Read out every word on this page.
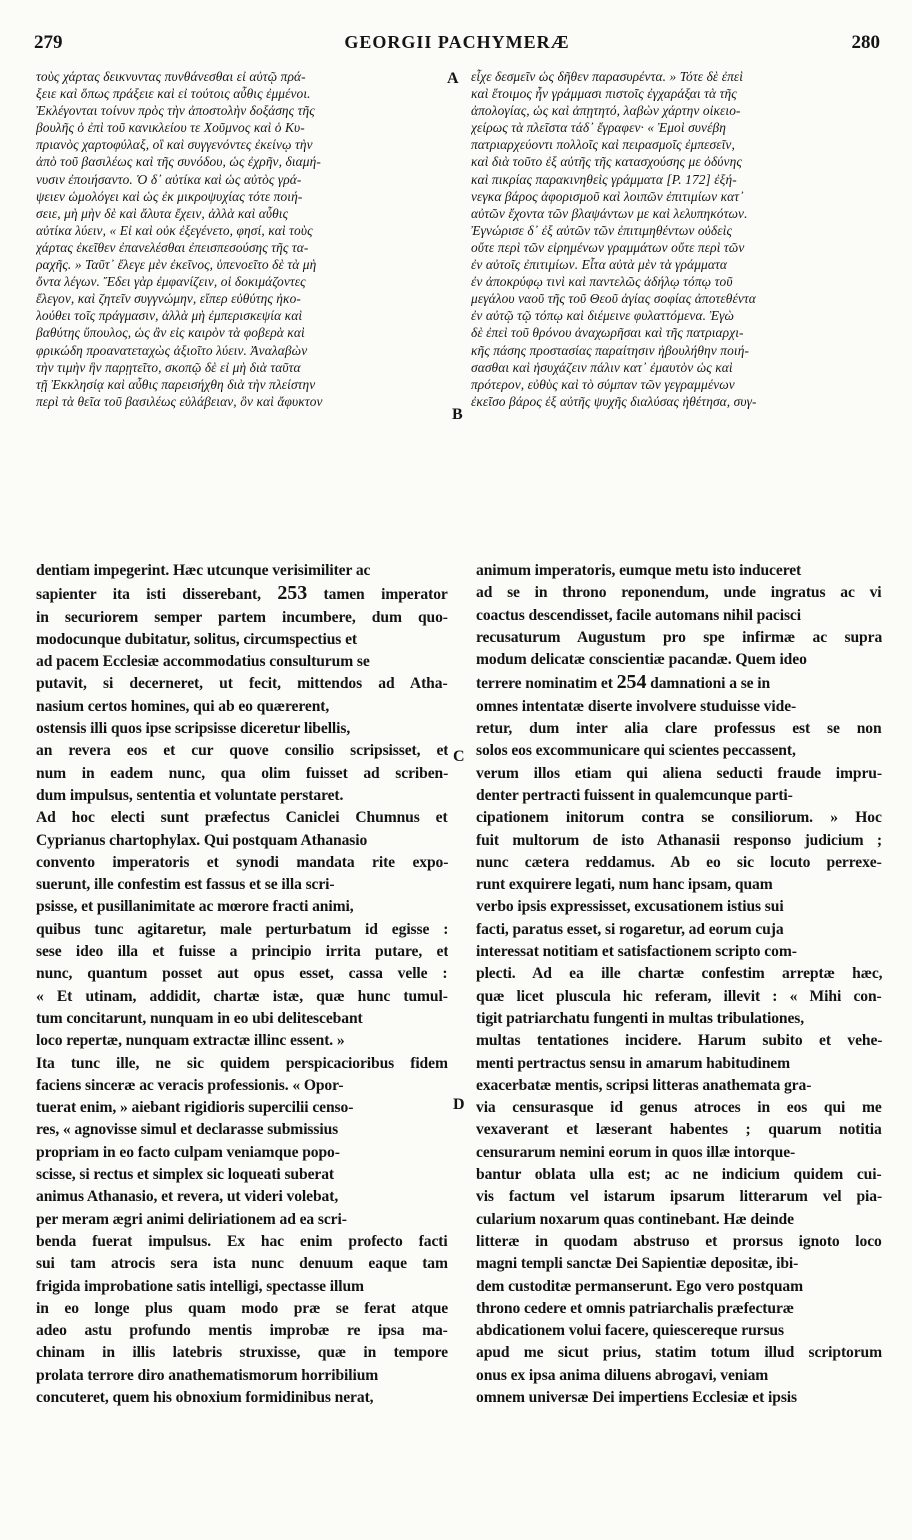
279	GEORGII PACHYMERÆ	280
τοὺς χάρτας δεικνυντας πυνθάνεσθαι εἰ αὐτῷ πρά-
ξειε καὶ ὅπως πράξειε καὶ εἰ τούτοις αὖθις ἐμμένοι.
Ἐκλέγονται τοίνυν πρὸς τὴν ἀποστολὴν δοξάσης τῆς
βουλῆς ὁ ἐπὶ τοῦ κανικλείου τε Χοῦμνος καὶ ὁ Κυ-
πριανὸς χαρτοφύλαξ, οἳ καὶ συγγενόντες ἐκείνῳ τὴν
ἀπὸ τοῦ βασιλέως καὶ τῆς συνόδου, ὡς ἐχρῆν, διαμή-
νυσιν ἐποιήσαντο. Ὁ δ᾽ αὐτίκα καὶ ὡς αὐτὸς γρά-
ψειεν ὡμολόγει καὶ ὡς ἐκ μικροψυχίας τότε ποιή-
σειε, μὴ μὴν δὲ καὶ ἄλυτα ἔχειν, ἀλλὰ καὶ αὖθις
αὐτίκα λύειν, « Εἰ καὶ οὐκ ἐξεγένετο, φησί, καὶ τοὺς
χάρτας ἐκεῖθεν ἐπανελέσθαι ἐπεισπεσούσης τῆς τα-
ραχῆς. » Ταῦτ᾽ ἔλεγε μὲν ἐκεῖνος, ὑπενοεῖτο δὲ τὰ μὴ
ὄντα λέγων. Ἔδει γὰρ ἐμφανίζειν, οἱ δοκιμάζοντες
ἔλεγον, καὶ ζητεῖν συγγνώμην, εἴπερ εὐθύτης ἠκο-
λούθει τοῖς πράγμασιν, ἀλλὰ μὴ ἐμπερισκεψία καὶ
βαθύτης ὕπουλος, ὡς ἂν εἰς καιρὸν τὰ φοβερὰ καὶ
φρικώδη προανατεταχὼς ἀξιοῖτο λύειν. Ἀναλαβὼν
τὴν τιμὴν ἣν παρῃτεῖτο, σκοπῷ δὲ εἰ μὴ διὰ ταῦτα
τῇ Ἐκκλησίᾳ καὶ αὖθις παρεισήχθη διὰ τὴν πλείστην
περὶ τὰ θεῖα τοῦ βασιλέως εὐλάβειαν, ὃν καὶ ἄφυκτον
εἶχε δεσμεῖν ὡς δῆθεν παρασυρέντα. » Τότε δὲ ἐπεὶ
καὶ ἕτοιμος ἦν γράμμασι πιστοῖς ἐγχαράξαι τὰ τῆς
ἀπολογίας, ὡς καὶ ἀπῃτητό, λαβὼν χάρτην οἰκειο-
χείρως τὰ πλεῖστα τάδ᾽ ἔγραφεν· « Ἐμοὶ συνέβη
πατριαρχεύοντι πολλοῖς καὶ πειρασμοῖς ἐμπεσεῖν,
καὶ διὰ τοῦτο ἐξ αὐτῆς τῆς κατασχούσης με ὀδύνης
καὶ πικρίας παρακινηθεὶς γράμματα [P. 172] ἐξή-
νεγκα βάρος ἀφορισμοῦ καὶ λοιπῶν ἐπιτιμίων κατ᾽
αὐτῶν ἔχοντα τῶν βλαψάντων με καὶ λελυπηκότων.
Ἐγνώρισε δ᾽ ἐξ αὐτῶν τῶν ἐπιτιμηθέντων οὐδεὶς
οὔτε περὶ τῶν εἰρημένων γραμμάτων οὔτε περὶ τῶν
ἐν αὐτοῖς ἐπιτιμίων. Εἶτα αὐτὰ μὲν τὰ γράμματα
ἐν ἀποκρύφῳ τινὶ καὶ παντελῶς ἀδήλῳ τόπῳ τοῦ
μεγάλου ναοῦ τῆς τοῦ Θεοῦ ἁγίας σοφίας ἀποτεθέντα
ἐν αὐτῷ τῷ τόπῳ καὶ διέμεινε φυλαττόμενα. Ἐγὼ
δὲ ἐπεὶ τοῦ θρόνου ἀναχωρῆσαι καὶ τῆς πατριαρχι-
κῆς πάσης προστασίας παραίτησιν ἠβουλήθην ποιή-
σασθαι καὶ ἡσυχάζειν πάλιν κατ᾽ ἐμαυτὸν ὡς καὶ
πρότερον, εὐθὺς καὶ τὸ σύμπαν τῶν γεγραμμένων
ἐκεῖσο βάρος ἐξ αὐτῆς ψυχῆς διαλύσας ἠθέτησα, συγ-
dentiam impegerint. Hæc utcunque verisimiliter ac
sapienter ita isti disserebant, 253 tamen imperator
in securiorem semper partem incumbere, dum quo-
modocunque dubitatur, solitus, circumspectius et
ad pacem Ecclesiæ accommodatius consulturum se
putavit, si decerneret, ut fecit, mittendos ad Atha-
nasium certos homines, qui ab eo quærerent,
ostensis illi quos ipse scripsisse diceretur libellis,
an revera eos et cur quove consilio scripsisset, et
num in eadem nunc, qua olim fuisset ad scriben-
dum impulsus, sententia et voluntate perstaret.
Ad hoc electi sunt præfectus Caniclei Chumnus et
Cyprianus chartophylax. Qui postquam Athanasio
convento imperatoris et synodi mandata rite expo-
suerunt, ille confestim est fassus et se illa scri-
psisse, et pusillanimitate ac mœrore fracti animi,
quibus tunc agitaretur, male perturbatum id egisse :
sese ideo illa et fuisse a principio irrita putare, et
nunc, quantum posset aut opus esset, cassa velle :
« Et utinam, addidit, chartæ istæ, quæ hunc tumul-
tum concitarunt, nunquam in eo ubi delitescebant
loco repertæ, nunquam extractæ illinc essent. »
Ita tunc ille, ne sic quidem perspicacioribus fidem
faciens sinceræ ac veracis professionis. « Opor-
tuerat enim, » aiebant rigidioris supercilii censo-
res, « agnovisse simul et declarasse submissius
propriam in eo facto culpam veniamque popo-
scisse, si rectus et simplex sic loqueati suberat
animus Athanasio, et revera, ut videri volebat,
per meram ægri animi deliriationem ad ea scri-
benda fuerat impulsus. Ex hac enim profecto facti
sui tam atrocis sera ista nunc denuum eaque tam
frigida improbatione satis intelligi, spectasse illum
in eo longe plus quam modo præ se ferat atque
adeo astu profundo mentis improbæ re ipsa ma-
chinam in illis latebris struxisse, quæ in tempore
prolata terrore diro anathematismorum horribilium
concuteret, quem his obnoxium formidinibus nerat,
animum imperatoris, eumque metu isto induceret
ad se in throno reponendum, unde ingratus ac vi
coactus descendisset, facile automans nihil pacisci
recusaturum Augustum pro spe infirmæ ac supra
modum delicatæ conscientiæ pacandæ. Quem ideo
terrere nominatim et 254 damnationi a se in
omnes intentatæ diserte involvere studuisse vide-
retur, dum inter alia clare professus est se non
solos eos excommunicare qui scientes peccassent,
verum illos etiam qui aliena seducti fraude impru-
denter pertracti fuissent in qualemcunque parti-
cipationem initorum contra se consiliorum. » Hoc
fuit multorum de isto Athanasii responso judicium ;
nunc cætera reddamus. Ab eo sic locuto perrexe-
runt exquirere legati, num hanc ipsam, quam
verbo ipsis expressisset, excusationem istius sui
facti, paratus esset, si rogaretur, ad eorum cuja
interessat notitiam et satisfactionem scripto com-
plecti. Ad ea ille chartæ confestim arreptæ hæc,
quæ licet plusculа hic referam, illevit : « Mihi con-
tigit patriarchatu fungenti in multas tribulationes,
multas tentationes incidere. Harum subito et vehe-
menti pertractus sensu in amarum habitudinem
exacerbatæ mentis, scripsi litteras anathemata gra-
via censurasque id genus atroces in eos qui me
vexaverant et læserant habentes ; quarum notitia
censurarum nemini eorum in quos illæ intorque-
bantur oblata ulla est; ac ne indicium quidem cui-
vis factum vel istarum ipsarum litterarum vel pia-
cularium noxarum quas continebant. Hæ deinde
litteræ in quodam abstruso et prorsus ignoto loco
magni templi sanctæ Dei Sapientiæ depositæ, ibi-
dem custoditæ permanserunt. Ego vero postquam
throno cedere et omnis patriarchalis præfecturæ
abdicationem volui facere, quiescereque rursus
apud me sicut prius, statim totum illud scriptorum
onus ex ipsa anima diluens abrogavi, veniam
omnem universæ Dei impertiens Ecclesiæ et ipsis
A
B
C
D
